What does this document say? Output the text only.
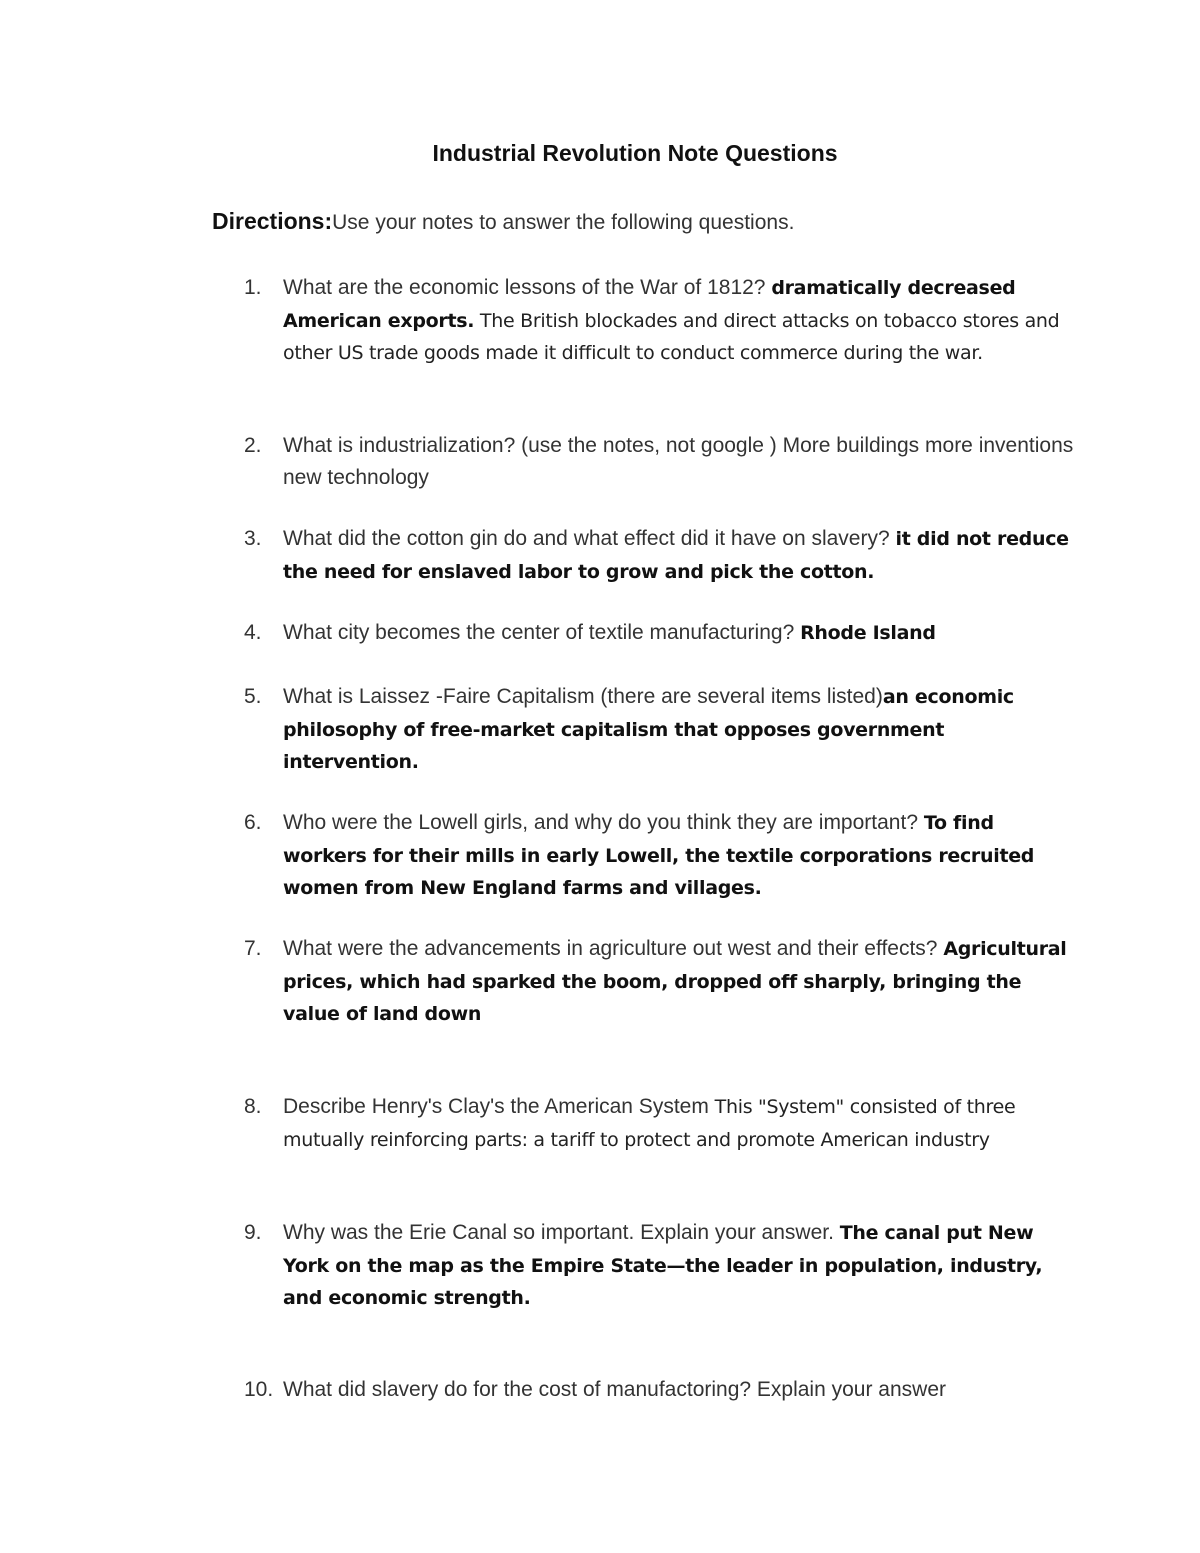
Industrial Revolution Note Questions
Directions:Use your notes to answer the following questions.
1.	What are the economic lessons of the War of 1812? dramatically decreased American exports. The British blockades and direct attacks on tobacco stores and other US trade goods made it difficult to conduct commerce during the war.
2.	What is industrialization? (use the notes, not google ) More buildings more inventions new technology
3.	What did the cotton gin do and what effect did it have on slavery? it did not reduce the need for enslaved labor to grow and pick the cotton.
4.	What city becomes the center of textile manufacturing? Rhode Island
5.	What is Laissez -Faire Capitalism (there are several items listed)an economic philosophy of free-market capitalism that opposes government intervention.
6.	Who were the Lowell girls, and why do you think they are important? To find workers for their mills in early Lowell, the textile corporations recruited women from New England farms and villages.
7.	What were the advancements in agriculture out west and their effects? Agricultural prices, which had sparked the boom, dropped off sharply, bringing the value of land down
8.	Describe Henry's Clay's the American System This "System" consisted of three mutually reinforcing parts: a tariff to protect and promote American industry
9.	Why was the Erie Canal so important. Explain your answer. The canal put New York on the map as the Empire State—the leader in population, industry, and economic strength.
10. What did slavery do for the cost of manufactoring? Explain your answer
